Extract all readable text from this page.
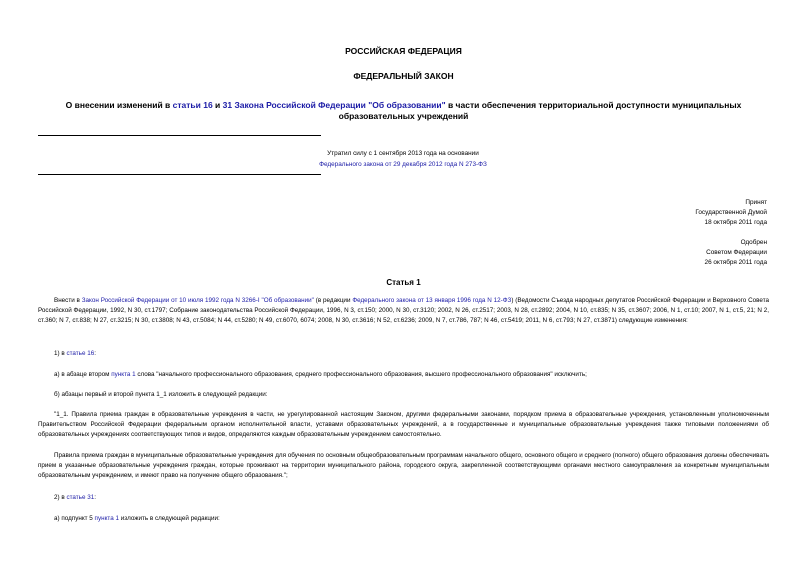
РОССИЙСКАЯ ФЕДЕРАЦИЯ
ФЕДЕРАЛЬНЫЙ ЗАКОН
О внесении изменений в статьи 16 и 31 Закона Российской Федерации "Об образовании" в части обеспечения территориальной доступности муниципальных образовательных учреждений
Утратил силу с 1 сентября 2013 года на основании
Федерального закона от 29 декабря 2012 года N 273-ФЗ
Принят
Государственной Думой
18 октября 2011 года
Одобрен
Советом Федерации
26 октября 2011 года
Статья 1
Внести в Закон Российской Федерации от 10 июля 1992 года N 3266-I "Об образовании" (в редакции Федерального закона от 13 января 1996 года N 12-ФЗ) (Ведомости Съезда народных депутатов Российской Федерации и Верховного Совета Российской Федерации, 1992, N 30, ст.1797; Собрание законодательства Российской Федерации, 1996, N 3, ст.150; 2000, N 30, ст.3120; 2002, N 26, ст.2517; 2003, N 28, ст.2892; 2004, N 10, ст.835; N 35, ст.3607; 2006, N 1, ст.10; 2007, N 1, ст.5, 21; N 2, ст.360; N 7, ст.838; N 27, ст.3215; N 30, ст.3808; N 43, ст.5084; N 44, ст.5280; N 49, ст.6070, 6074; 2008, N 30, ст.3616; N 52, ст.6236; 2009, N 7, ст.786, 787; N 46, ст.5419; 2011, N 6, ст.793; N 27, ст.3871) следующие изменения:
1) в статье 16:
а) в абзаце втором пункта 1 слова "начального профессионального образования, среднего профессионального образования, высшего профессионального образования" исключить;
б) абзацы первый и второй пункта 1_1 изложить в следующей редакции:
"1_1. Правила приема граждан в образовательные учреждения в части, не урегулированной настоящим Законом, другими федеральными законами, порядком приема в образовательные учреждения, установленным уполномоченным Правительством Российской Федерации федеральным органом исполнительной власти, уставами образовательных учреждений, а в государственные и муниципальные образовательные учреждения также типовыми положениями об образовательных учреждениях соответствующих типов и видов, определяются каждым образовательным учреждением самостоятельно.
Правила приема граждан в муниципальные образовательные учреждения для обучения по основным общеобразовательным программам начального общего, основного общего и среднего (полного) общего образования должны обеспечивать прием в указанные образовательные учреждения граждан, которые проживают на территории муниципального района, городского округа, закрепленной соответствующими органами местного самоуправления за конкретным муниципальным образовательным учреждением, и имеют право на получение общего образования.";
2) в статье 31:
а) подпункт 5 пункта 1 изложить в следующей редакции:
